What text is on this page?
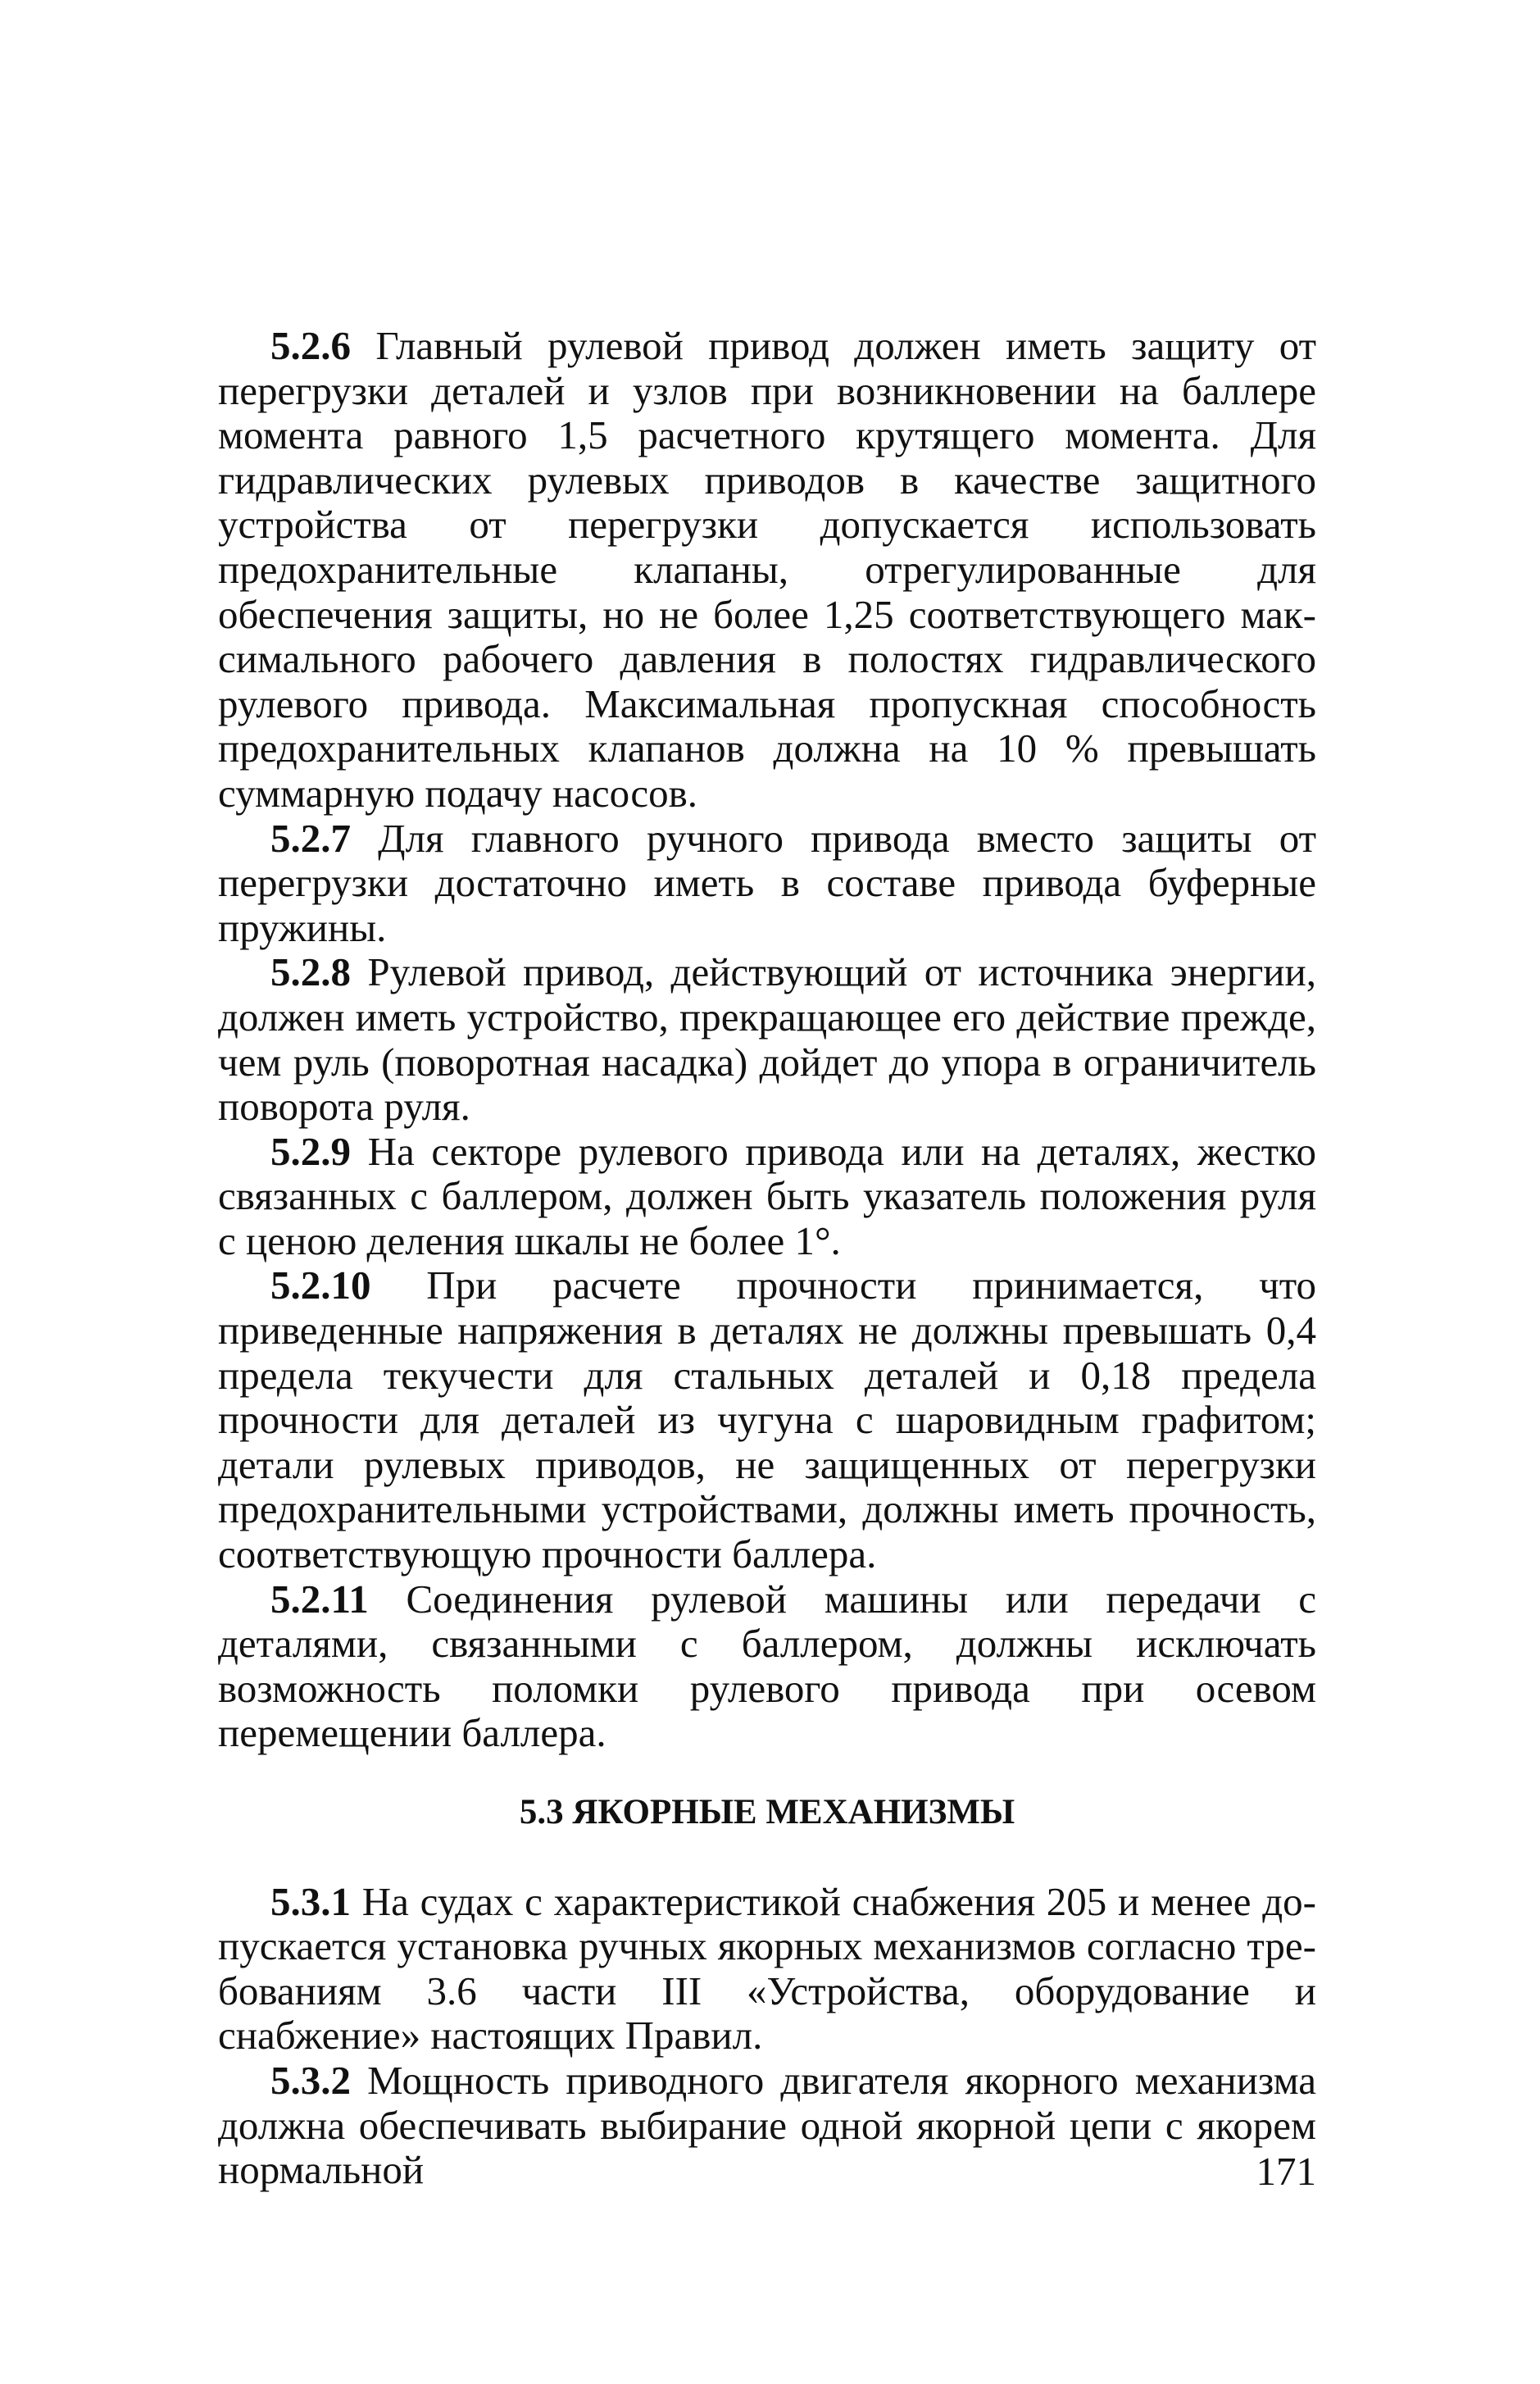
5.2.6 Главный рулевой привод должен иметь защиту от перегрузки деталей и узлов при возникновении на баллере момента равного 1,5 расчетного крутящего момента. Для гидравлических рулевых приводов в качестве защитного устройства от перегрузки допускается использовать предохранительные клапаны, отрегулированные для обеспечения защиты, но не более 1,25 соответствующего максимального рабочего давления в полостях гидравлического рулевого привода. Максимальная пропускная способность предохранительных клапанов должна на 10 % превышать суммарную подачу насосов.

5.2.7 Для главного ручного привода вместо защиты от перегрузки достаточно иметь в составе привода буферные пружины.

5.2.8 Рулевой привод, действующий от источника энергии, должен иметь устройство, прекращающее его действие прежде, чем руль (поворотная насадка) дойдет до упора в ограничитель поворота руля.

5.2.9 На секторе рулевого привода или на деталях, жестко связанных с баллером, должен быть указатель положения руля с ценою деления шкалы не более 1°.

5.2.10 При расчете прочности принимается, что приведенные напряжения в деталях не должны превышать 0,4 предела текучести для стальных деталей и 0,18 предела прочности для деталей из чугуна с шаровидным графитом; детали рулевых приводов, не защищенных от перегрузки предохранительными устройствами, должны иметь прочность, соответствующую прочности баллера.

5.2.11 Соединения рулевой машины или передачи с деталями, связанными с баллером, должны исключать возможность поломки рулевого привода при осевом перемещении баллера.

5.3 ЯКОРНЫЕ МЕХАНИЗМЫ

5.3.1 На судах с характеристикой снабжения 205 и менее допускается установка ручных якорных механизмов согласно требованиям 3.6 части III «Устройства, оборудование и снабжение» настоящих Правил.

5.3.2 Мощность приводного двигателя якорного механизма должна обеспечивать выбирание одной якорной цепи с якорем нормальной	171
